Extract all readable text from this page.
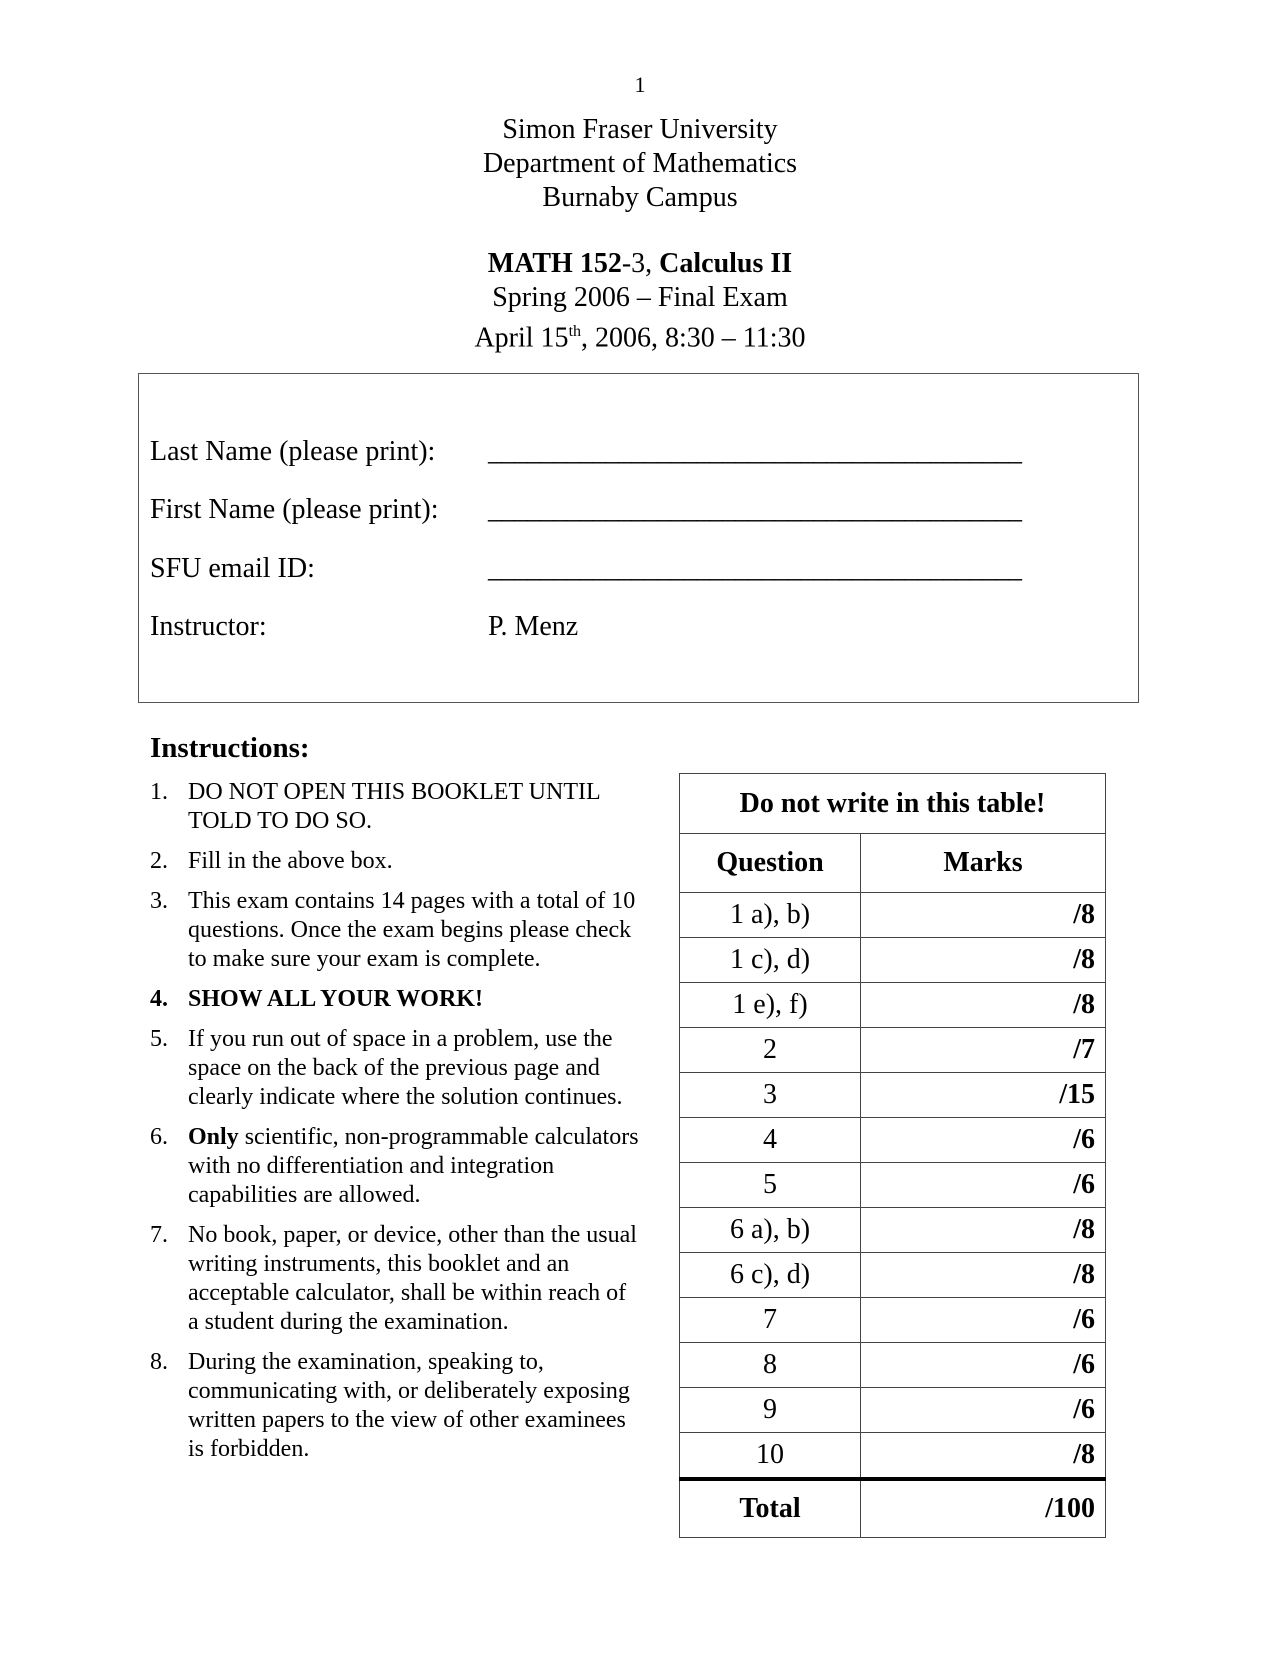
1
Simon Fraser University
Department of Mathematics
Burnaby Campus
MATH 152-3, Calculus II
Spring 2006 – Final Exam
April 15th, 2006, 8:30 – 11:30
Last Name (please print): _________________________________________
First Name (please print): _________________________________________
SFU email ID:	_________________________________________
Instructor:	P. Menz
Instructions:
1. DO NOT OPEN THIS BOOKLET UNTIL TOLD TO DO SO.
2. Fill in the above box.
3. This exam contains 14 pages with a total of 10 questions. Once the exam begins please check to make sure your exam is complete.
4. SHOW ALL YOUR WORK!
5. If you run out of space in a problem, use the space on the back of the previous page and clearly indicate where the solution continues.
6. Only scientific, non-programmable calculators with no differentiation and integration capabilities are allowed.
7. No book, paper, or device, other than the usual writing instruments, this booklet and an acceptable calculator, shall be within reach of a student during the examination.
8. During the examination, speaking to, communicating with, or deliberately exposing written papers to the view of other examinees is forbidden.
Do not write in this table!	
Question	Marks
1 a), b)	/8
1 c), d)	/8
1 e), f)	/8
2	/7
3	/15
4	/6
5	/6
6 a), b)	/8
6 c), d)	/8
7	/6
8	/6
9	/6
10	/8
Total	/100
